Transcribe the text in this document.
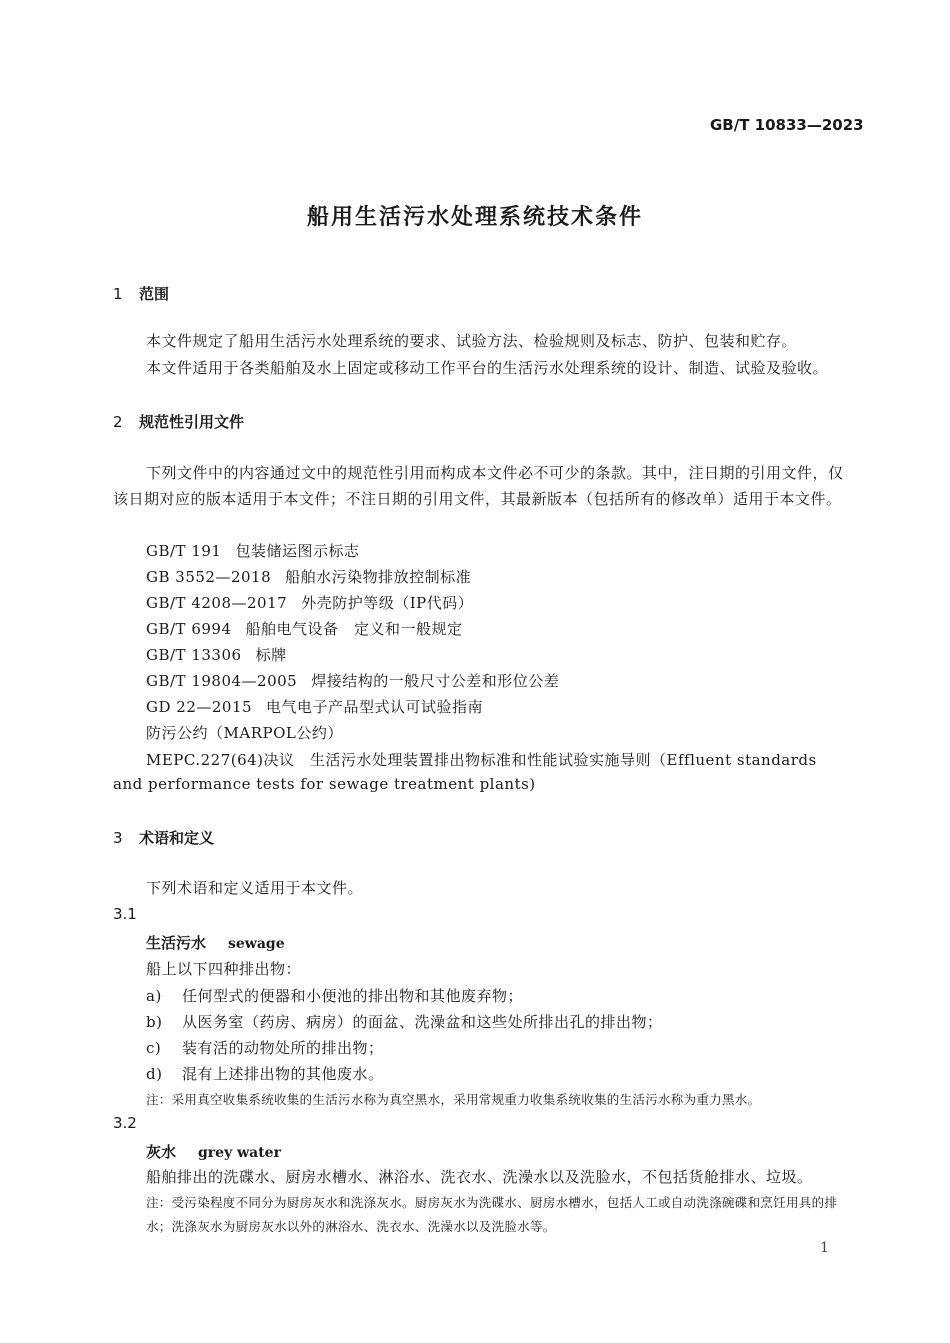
GB/T 10833—2023
船用生活污水处理系统技术条件
1 范围
本文件规定了船用生活污水处理系统的要求、试验方法、检验规则及标志、防护、包装和贮存。
本文件适用于各类船舶及水上固定或移动工作平台的生活污水处理系统的设计、制造、试验及验收。
2 规范性引用文件
下列文件中的内容通过文中的规范性引用而构成本文件必不可少的条款。其中，注日期的引用文件，仅该日期对应的版本适用于本文件；不注日期的引用文件，其最新版本（包括所有的修改单）适用于本文件。
GB/T 191 包装储运图示标志
GB 3552—2018 船舶水污染物排放控制标准
GB/T 4208—2017 外壳防护等级（IP代码）
GB/T 6994 船舶电气设备　定义和一般规定
GB/T 13306 标牌
GB/T 19804—2005 焊接结构的一般尺寸公差和形位公差
GD 22—2015 电气电子产品型式认可试验指南
防污公约（MARPOL公约）
MEPC.227(64)决议　生活污水处理装置排出物标准和性能试验实施导则（Effluent standards
and performance tests for sewage treatment plants)
3 术语和定义
下列术语和定义适用于本文件。
3.1
生活污水 sewage
船上以下四种排出物：
a) 任何型式的便器和小便池的排出物和其他废弃物；
b) 从医务室（药房、病房）的面盆、洗澡盆和这些处所排出孔的排出物；
c) 装有活的动物处所的排出物；
d) 混有上述排出物的其他废水。
注：采用真空收集系统收集的生活污水称为真空黑水，采用常规重力收集系统收集的生活污水称为重力黑水。
3.2
灰水 grey water
船舶排出的洗碟水、厨房水槽水、淋浴水、洗衣水、洗澡水以及洗脸水，不包括货舱排水、垃圾。
注：受污染程度不同分为厨房灰水和洗涤灰水。厨房灰水为洗碟水、厨房水槽水，包括人工或自动洗涤碗碟和烹饪用具的排水；洗涤灰水为厨房灰水以外的淋浴水、洗衣水、洗澡水以及洗脸水等。
1
